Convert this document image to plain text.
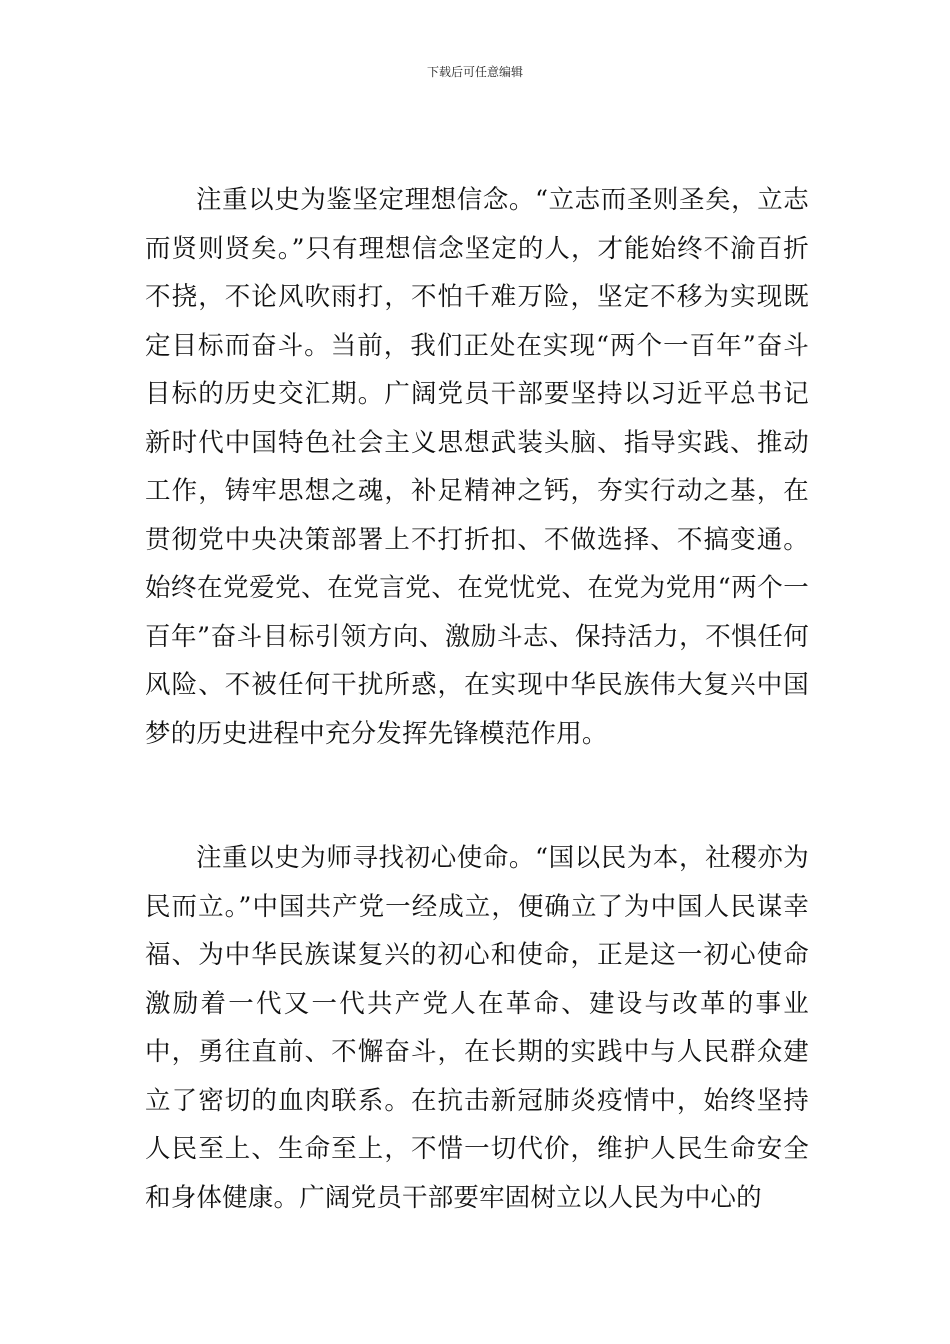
下载后可任意编辑

注重以史为鉴坚定理想信念。“立志而圣则圣矣，立志而贤则贤矣。”只有理想信念坚定的人，才能始终不渝百折不挠，不论风吹雨打，不怕千难万险，坚定不移为实现既定目标而奋斗。当前，我们正处在实现“两个一百年”奋斗目标的历史交汇期。广阔党员干部要坚持以习近平总书记新时代中国特色社会主义思想武装头脑、指导实践、推动工作，铸牢思想之魂，补足精神之钙，夯实行动之基，在贯彻党中央决策部署上不打折扣、不做选择、不搞变通。始终在党爱党、在党言党、在党忧党、在党为党用“两个一百年”奋斗目标引领方向、激励斗志、保持活力，不惧任何风险、不被任何干扰所惑，在实现中华民族伟大复兴中国梦的历史进程中充分发挥先锋模范作用。

注重以史为师寻找初心使命。“国以民为本，社稷亦为民而立。”中国共产党一经成立，便确立了为中国人民谋幸福、为中华民族谋复兴的初心和使命，正是这一初心使命激励着一代又一代共产党人在革命、建设与改革的事业中，勇往直前、不懈奋斗，在长期的实践中与人民群众建立了密切的血肉联系。在抗击新冠肺炎疫情中，始终坚持人民至上、生命至上，不惜一切代价，维护人民生命安全和身体健康。广阔党员干部要牢固树立以人民为中心的
